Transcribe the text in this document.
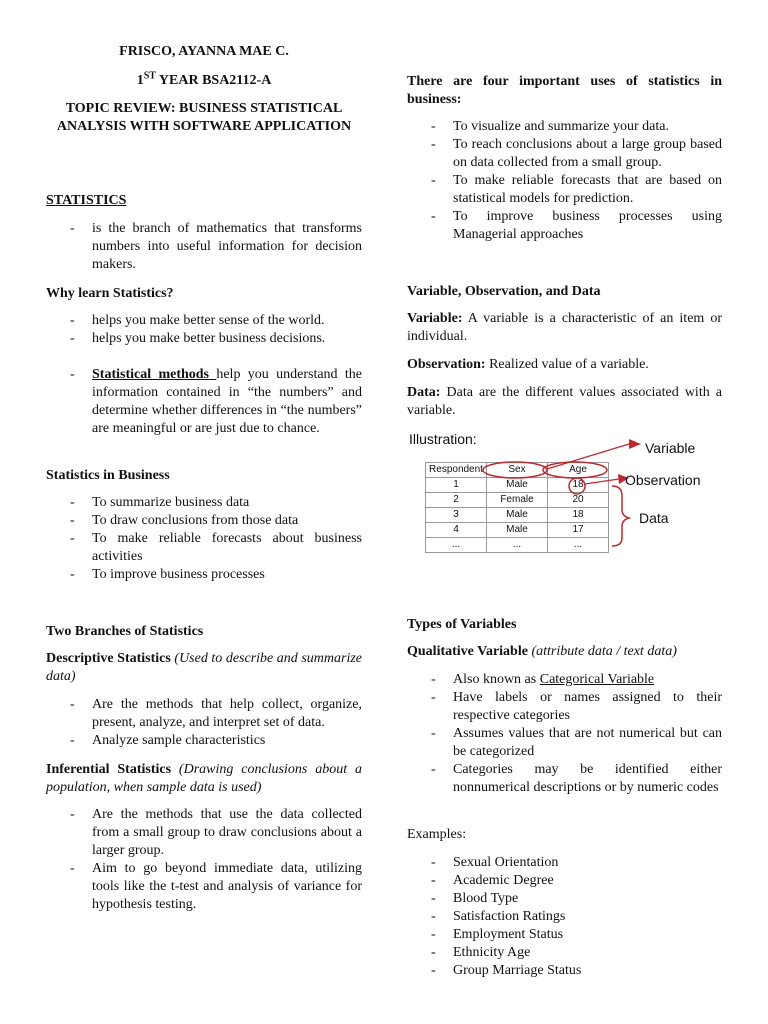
FRISCO, AYANNA MAE C.
1ST YEAR BSA2112-A
TOPIC REVIEW: BUSINESS STATISTICAL ANALYSIS WITH SOFTWARE APPLICATION
STATISTICS
- is the branch of mathematics that transforms numbers into useful information for decision makers.
Why learn Statistics?
- helps you make better sense of the world.
- helps you make better business decisions.
- Statistical methods help you understand the information contained in “the numbers” and determine whether differences in “the numbers” are meaningful or are just due to chance.
Statistics in Business
- To summarize business data
- To draw conclusions from those data
- To make reliable forecasts about business activities
- To improve business processes
Two Branches of Statistics
Descriptive Statistics (Used to describe and summarize data)
- Are the methods that help collect, organize, present, analyze, and interpret set of data.
- Analyze sample characteristics
Inferential Statistics (Drawing conclusions about a population, when sample data is used)
- Are the methods that use the data collected from a small group to draw conclusions about a larger group.
- Aim to go beyond immediate data, utilizing tools like the t-test and analysis of variance for hypothesis testing.
There are four important uses of statistics in business:
- To visualize and summarize your data.
- To reach conclusions about a large group based on data collected from a small group.
- To make reliable forecasts that are based on statistical models for prediction.
- To improve business processes using Managerial approaches
Variable, Observation, and Data
Variable: A variable is a characteristic of an item or individual.
Observation: Realized value of a variable.
Data: Data are the different values associated with a variable.
Illustration:
Respondent	Sex	Age
1	Male	18
2	Female	20
3	Male	18
4	Male	17
...	...	...
Variable
Observation
Data
Types of Variables
Qualitative Variable (attribute data / text data)
- Also known as Categorical Variable
- Have labels or names assigned to their respective categories
- Assumes values that are not numerical but can be categorized
- Categories may be identified either nonnumerical descriptions or by numeric codes
Examples:
- Sexual Orientation
- Academic Degree
- Blood Type
- Satisfaction Ratings
- Employment Status
- Ethnicity Age
- Group Marriage Status
